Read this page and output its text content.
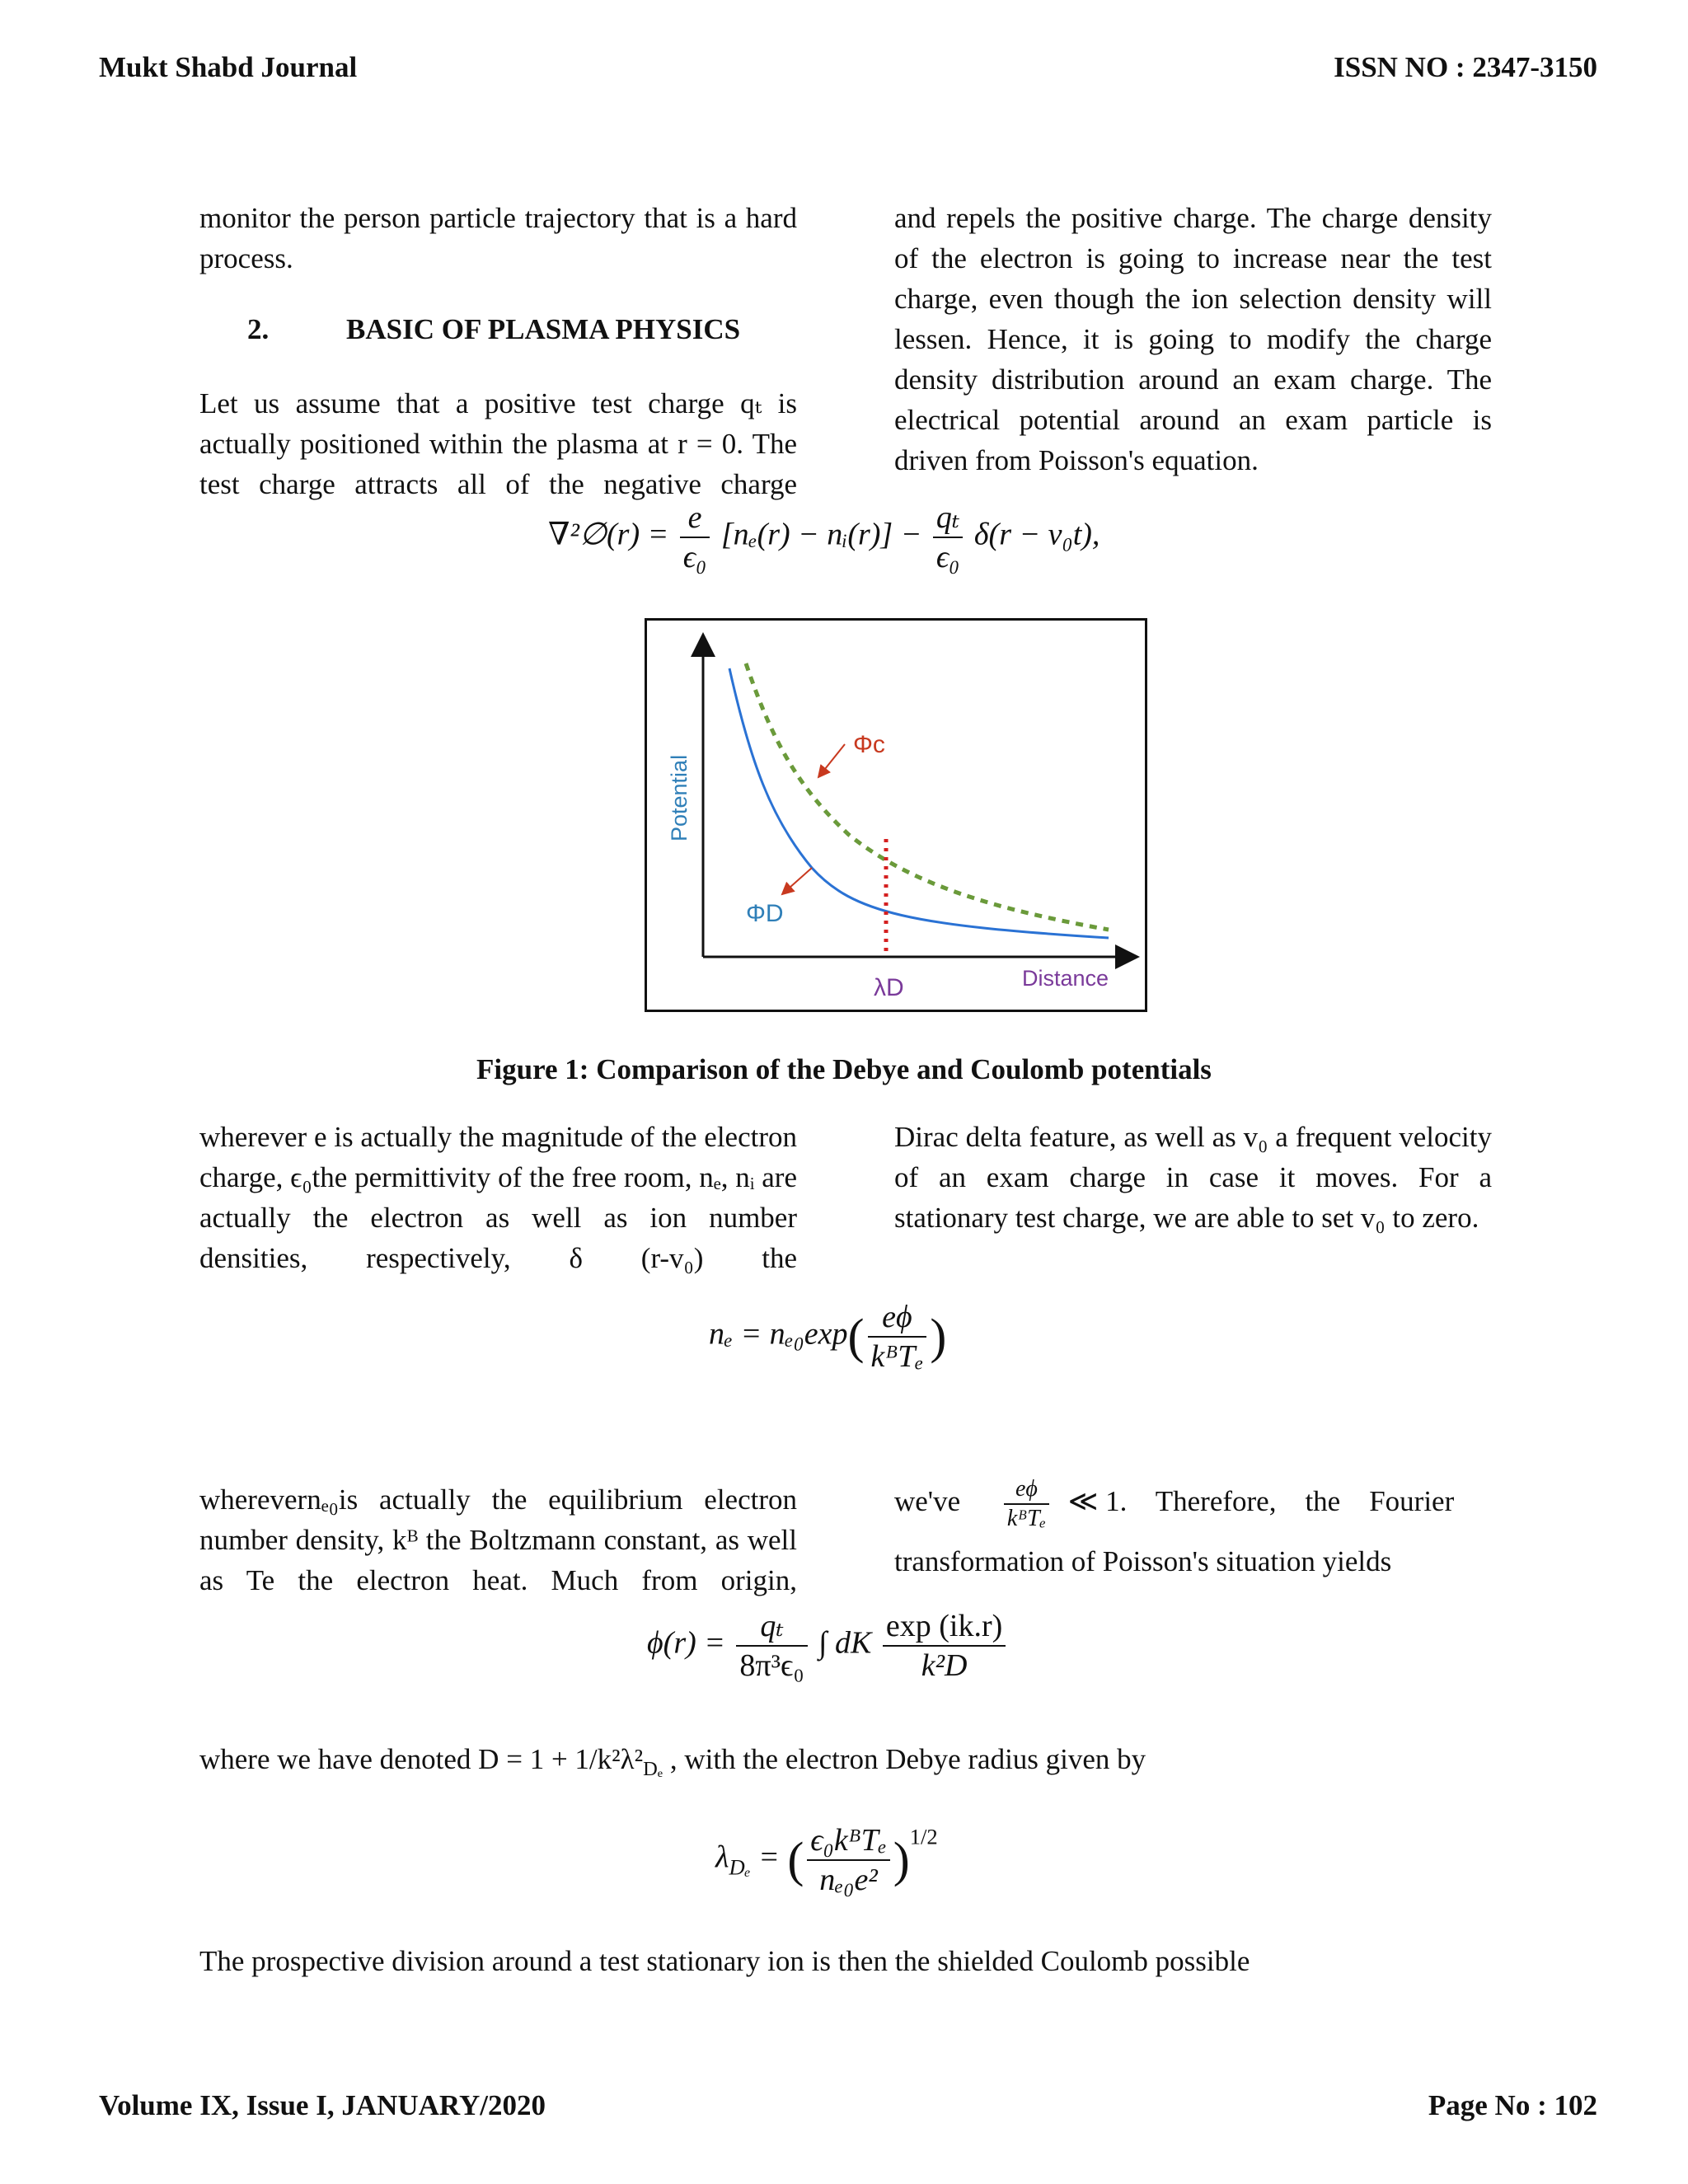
Mukt Shabd Journal	ISSN NO : 2347-3150
monitor the person particle trajectory that is a hard process.
2.	BASIC OF PLASMA PHYSICS
Let us assume that a positive test charge qₜ is actually positioned within the plasma at r = 0. The test charge attracts all of the negative charge
and repels the positive charge. The charge density of the electron is going to increase near the test charge, even though the ion selection density will lessen. Hence, it is going to modify the charge density distribution around an exam charge. The electrical potential around an exam particle is driven from Poisson's equation.
∇²∅(r) = $\frac{e}{\text{ϵ₀}} [n_e(r)$ − nᵢ(r)] − $\frac{\text{qₜ}}{\text{ϵ₀}} \delta(r - v_0t)$,
Φc
ΦD
λD	Distance
Potential
Figure 1: Comparison of the Debye and Coulomb potentials
wherever e is actually the magnitude of the electron charge, ϵ₀the permittivity of the free room, nₑ, nᵢ are actually the electron as well as ion number densities, respectively, δ (r-v₀) the
Dirac delta feature, as well as v₀ a frequent velocity of an exam charge in case it moves. For a stationary test charge, we are able to set v₀ to zero.
$n_e = n_{e0}\exp( \frac{e\phi}{\text{kᴮTₑ}}$ )
wherevernₑ₀is actually the equilibrium electron number density, kᴮ the Boltzmann constant, as well as Te the electron heat. Much from origin,
$we've \frac{e\phi}{\text{kᴮTₑ}}$ ≪ 1.    Therefore,    the    Fourier
transformation of Poisson's situation yields
$\phi(r) = \frac{\text{qₜ}}{\text{8π³ϵ₀}}$ ∫ dK $\frac{\exp (ik.r)}{\text{k²D}}$
where we have denoted $D = 1 + 1/k^2\lambda^2_{D_e}$ , with the electron Debye radius given by
$\lambda_{D_e}$ = ( $\frac{\text{ϵ₀kᴮTₑ}}{\text{nₑ₀e²}} )^{1/2}$
The prospective division around a test stationary ion is then the shielded Coulomb possible
Volume IX, Issue I, JANUARY/2020	Page No : 102
